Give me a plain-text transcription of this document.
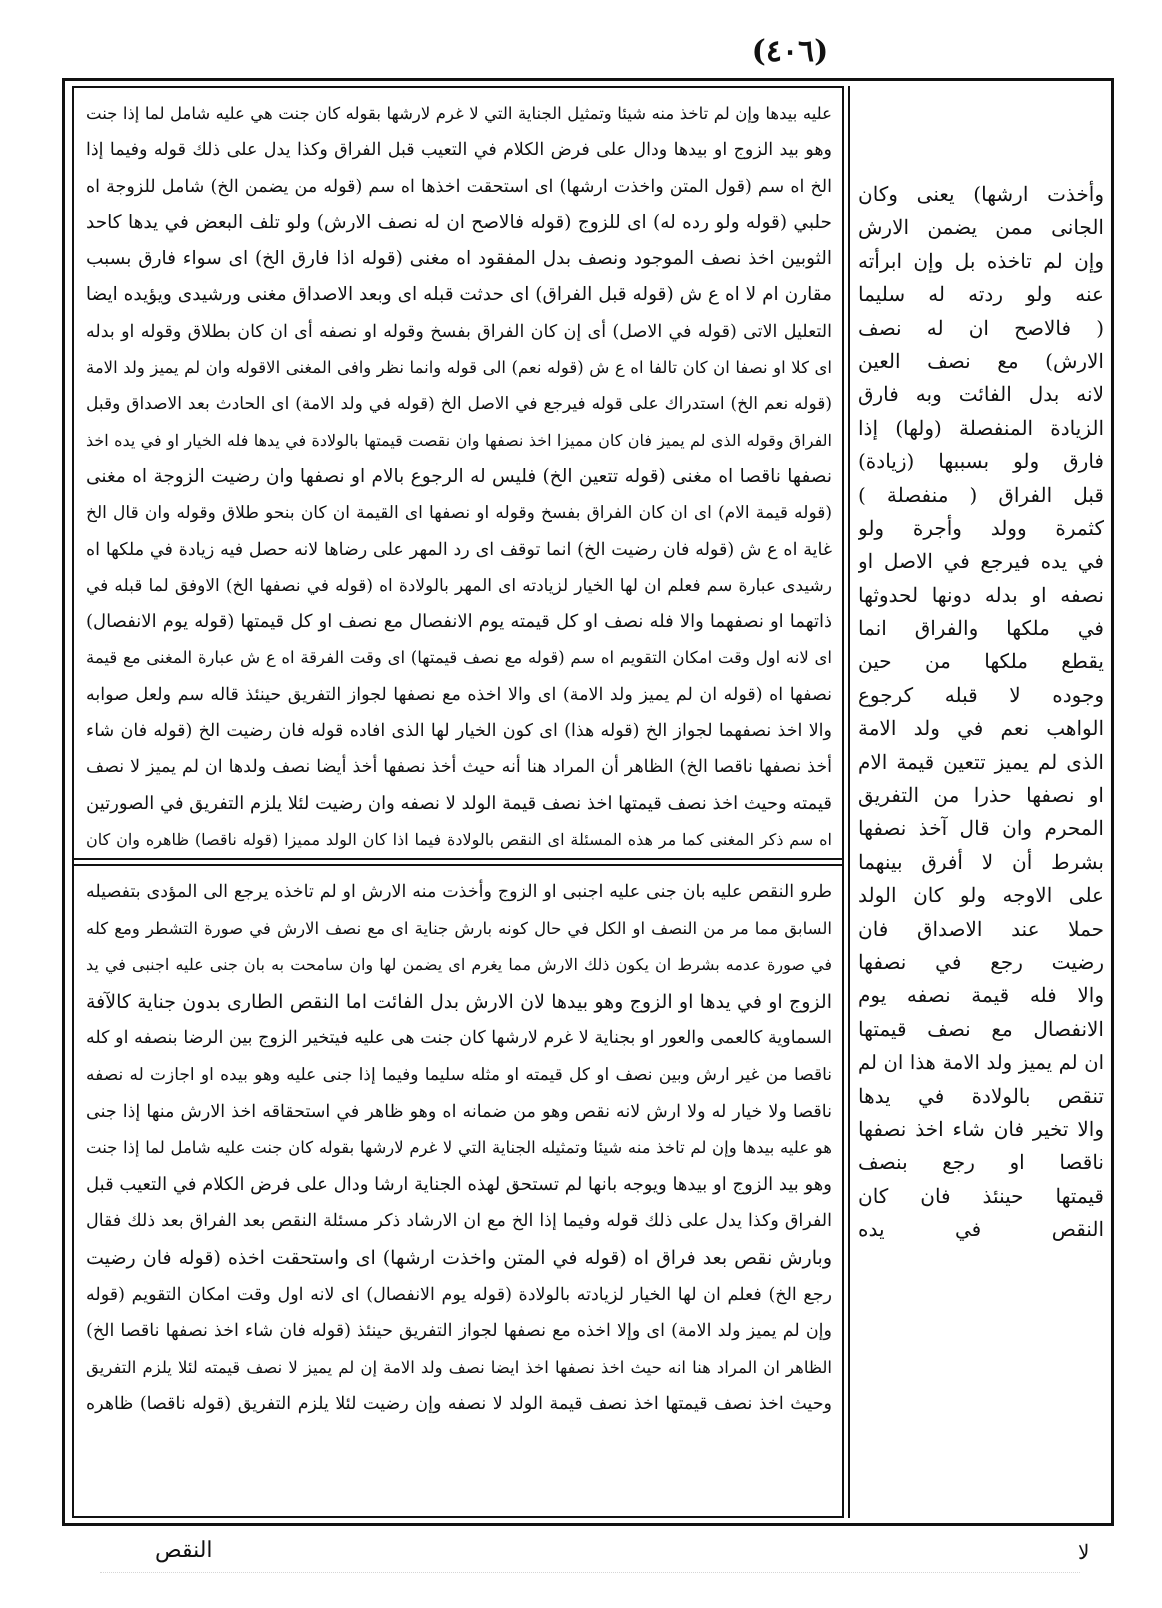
(٤٠٦)

عليه بيدها وإن لم تاخذ منه شيئا وتمثيل الجناية التي لا غرم لارشها بقوله كان جنت هي عليه شامل لما إذا جنت

وهو بيد الزوج او بيدها ودال على فرض الكلام في التعيب قبل الفراق وكذا يدل على ذلك قوله وفيما إذا

الخ اه سم (قول المتن واخذت ارشها) اى استحقت اخذها اه سم (قوله من يضمن الخ) شامل للزوجة اه

حلبي (قوله ولو رده له) اى للزوج (قوله فالاصح ان له نصف الارش) ولو تلف البعض في يدها كاحد

الثوبين اخذ نصف الموجود ونصف بدل المفقود اه مغنى (قوله اذا فارق الخ) اى سواء فارق بسبب

مقارن ام لا اه ع ش (قوله قبل الفراق) اى حدثت قبله اى وبعد الاصداق مغنى ورشيدى ويؤيده ايضا

التعليل الاتى (قوله في الاصل) أى إن كان الفراق بفسخ وقوله او نصفه أى ان كان بطلاق وقوله او بدله

اى كلا او نصفا ان كان تالفا اه ع ش (قوله نعم) الى قوله وانما نظر وافى المغنى الاقوله وان لم يميز ولد الامة

(قوله نعم الخ) استدراك على قوله فيرجع في الاصل الخ (قوله في ولد الامة) اى الحادث بعد الاصداق وقبل

الفراق وقوله الذى لم يميز فان كان مميزا اخذ نصفها وان نقصت قيمتها بالولادة في يدها فله الخيار او في يده اخذ

نصفها ناقصا اه مغنى (قوله تتعين الخ) فليس له الرجوع بالام او نصفها وان رضيت الزوجة اه مغنى

(قوله قيمة الام) اى ان كان الفراق بفسخ وقوله او نصفها اى القيمة ان كان بنحو طلاق وقوله وان قال الخ

غاية اه ع ش (قوله فان رضيت الخ) انما توقف اى رد المهر على رضاها لانه حصل فيه زيادة في ملكها اه

رشيدى عبارة سم فعلم ان لها الخيار لزيادته اى المهر بالولادة اه (قوله في نصفها الخ) الاوفق لما قبله في

ذاتهما او نصفهما والا فله نصف او كل قيمته يوم الانفصال مع نصف او كل قيمتها (قوله يوم الانفصال)

اى لانه اول وقت امكان التقويم اه سم (قوله مع نصف قيمتها) اى وقت الفرقة اه ع ش عبارة المغنى مع قيمة

نصفها اه (قوله ان لم يميز ولد الامة) اى والا اخذه مع نصفها لجواز التفريق حينئذ قاله سم ولعل صوابه

والا اخذ نصفهما لجواز الخ (قوله هذا) اى كون الخيار لها الذى افاده قوله فان رضيت الخ (قوله فان شاء

أخذ نصفها ناقصا الخ) الظاهر أن المراد هنا أنه حيث أخذ نصفها أخذ أيضا نصف ولدها ان لم يميز لا نصف

قيمته وحيث اخذ نصف قيمتها اخذ نصف قيمة الولد لا نصفه وان رضيت لئلا يلزم التفريق في الصورتين

اه سم ذكر المغنى كما مر هذه المسئلة اى النقص بالولادة فيما اذا كان الولد مميزا (قوله ناقصا) ظاهره وان كان

طرو النقص عليه بان جنى عليه اجنبى او الزوج وأخذت منه الارش او لم تاخذه يرجع الى المؤدى بتفصيله

السابق مما مر من النصف او الكل في حال كونه بارش جناية اى مع نصف الارش في صورة التشطر ومع كله

في صورة عدمه بشرط ان يكون ذلك الارش مما يغرم اى يضمن لها وان سامحت به بان جنى عليه اجنبى في يد

الزوج او في يدها او الزوج وهو بيدها لان الارش بدل الفائت اما النقص الطارى بدون جناية كالآفة

السماوية كالعمى والعور او بجناية لا غرم لارشها كان جنت هى عليه فيتخير الزوج بين الرضا بنصفه او كله

ناقصا من غير ارش وبين نصف او كل قيمته او مثله سليما وفيما إذا جنى عليه وهو بيده او اجازت له نصفه

ناقصا ولا خيار له ولا ارش لانه نقص وهو من ضمانه اه وهو ظاهر في استحقاقه اخذ الارش منها إذا جنى

هو عليه بيدها وإن لم تاخذ منه شيئا وتمثيله الجناية التي لا غرم لارشها بقوله كان جنت عليه شامل لما إذا جنت

وهو بيد الزوج او بيدها ويوجه بانها لم تستحق لهذه الجناية ارشا ودال على فرض الكلام في التعيب قبل

الفراق وكذا يدل على ذلك قوله وفيما إذا الخ مع ان الارشاد ذكر مسئلة النقص بعد الفراق بعد ذلك فقال

وبارش نقص بعد فراق اه (قوله في المتن واخذت ارشها) اى واستحقت اخذه (قوله فان رضيت

رجع الخ) فعلم ان لها الخيار لزيادته بالولادة (قوله يوم الانفصال) اى لانه اول وقت امكان التقويم (قوله

وإن لم يميز ولد الامة) اى وإلا اخذه مع نصفها لجواز التفريق حينئذ (قوله فان شاء اخذ نصفها ناقصا الخ)

الظاهر ان المراد هنا انه حيث اخذ نصفها اخذ ايضا نصف ولد الامة إن لم يميز لا نصف قيمته لئلا يلزم التفريق

وحيث اخذ نصف قيمتها اخذ نصف قيمة الولد لا نصفه وإن رضيت لئلا يلزم التفريق (قوله ناقصا) ظاهره

وأخذت ارشها) يعنى وكان

الجانى ممن يضمن الارش

وإن لم تاخذه بل وإن ابرأته

عنه ولو ردته له سليما

( فالاصح ان له نصف

الارش) مع نصف العين

لانه بدل الفائت وبه فارق

الزيادة المنفصلة (ولها) إذا

فارق ولو بسببها (زيادة)

قبل الفراق ( منفصلة )

كثمرة وولد وأجرة ولو

في يده فيرجع في الاصل او

نصفه او بدله دونها لحدوثها

في ملكها والفراق انما

يقطع ملكها من حين

وجوده لا قبله كرجوع

الواهب نعم في ولد الامة

الذى لم يميز تتعين قيمة الام

او نصفها حذرا من التفريق

المحرم وان قال آخذ نصفها

بشرط أن لا أفرق بينهما

على الاوجه ولو كان الولد

حملا عند الاصداق فان

رضيت رجع في نصفها

والا فله قيمة نصفه يوم

الانفصال مع نصف قيمتها

ان لم يميز ولد الامة هذا ان لم

تنقص بالولادة في يدها

والا تخير فان شاء اخذ نصفها

ناقصا او رجع بنصف

قيمتها حينئذ فان كان

النقص في يده

النقص	لا
